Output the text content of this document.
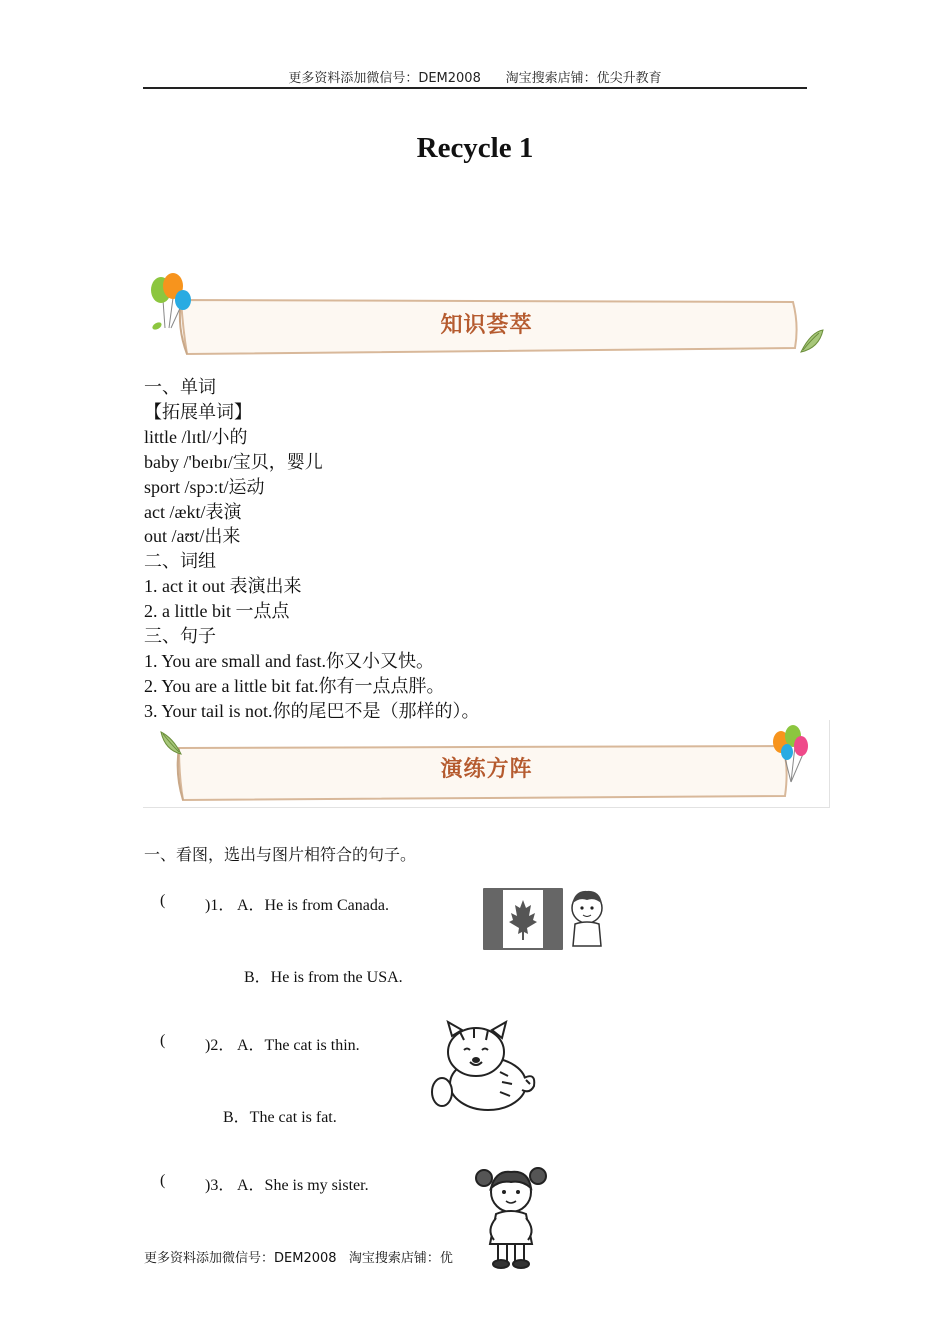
更多资料添加微信号：DEM2008      淘宝搜索店铺：优尖升教育
Recycle 1
知识荟萃
一、单词
【拓展单词】
little /lɪtl/小的
baby /'beɪbɪ/宝贝，婴儿
sport /spɔːt/运动
act /ækt/表演
out /aʊt/出来
二、词组
1. act it out 表演出来
2. a little bit 一点点
三、句子
1. You are small and fast.你又小又快。
2. You are a little bit fat.你有一点点胖。
3. Your tail is not.你的尾巴不是（那样的）。
演练方阵
一、看图，选出与图片相符合的句子。
( )1． A．He is from Canada.
B．He is from the USA.
( )2． A．The cat is thin.
B．The cat is fat.
( )3． A．She is my sister.
更多资料添加微信号：DEM2008   淘宝搜索店铺：优
